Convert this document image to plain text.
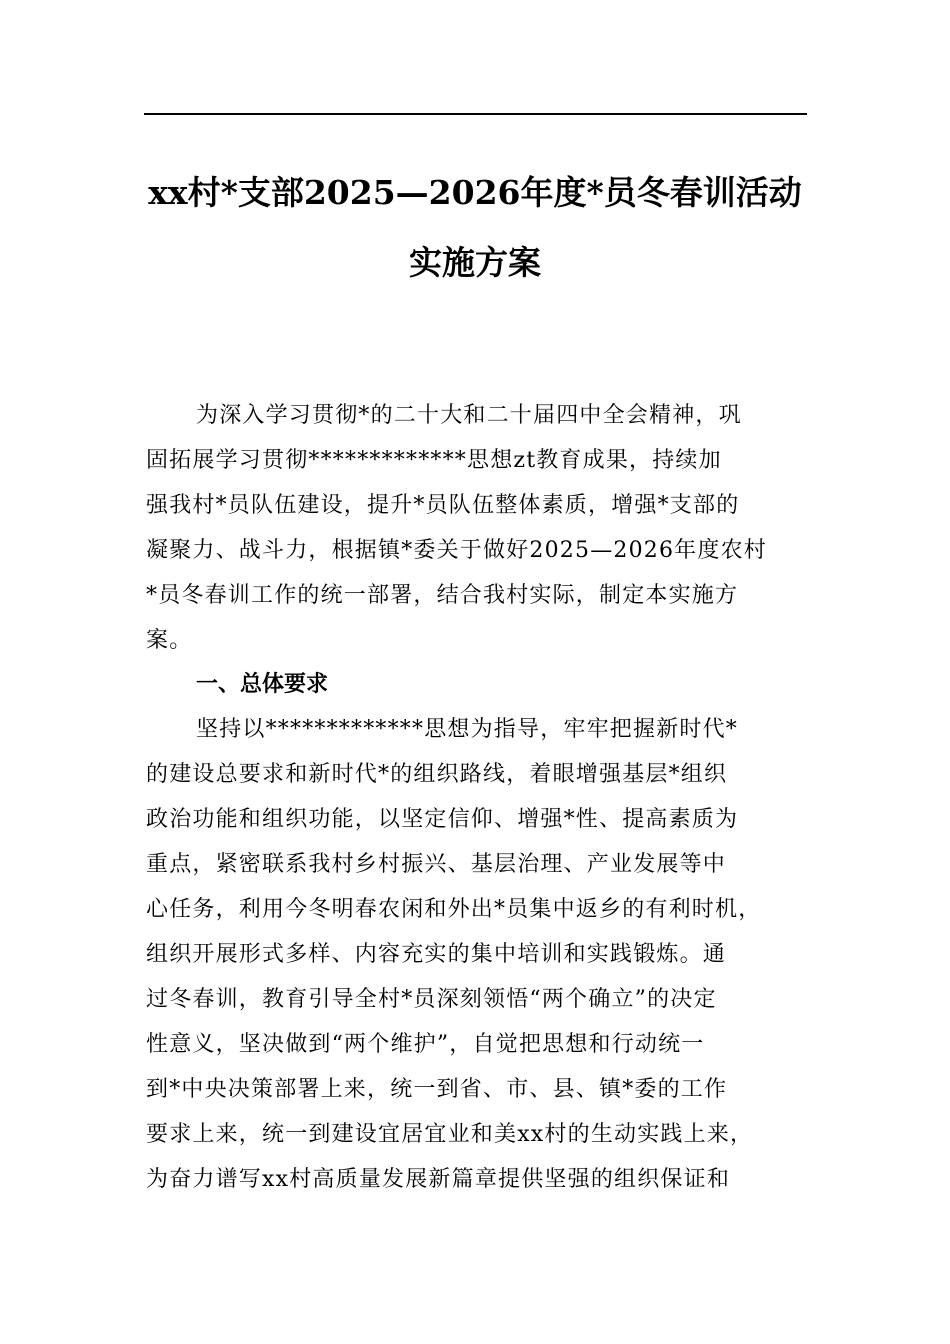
xx村*支部2025—2026年度*员冬春训活动
实施方案
为深入学习贯彻*的二十大和二十届四中全会精神，巩
固拓展学习贯彻*************思想zt教育成果，持续加
强我村*员队伍建设，提升*员队伍整体素质，增强*支部的
凝聚力、战斗力，根据镇*委关于做好2025—2026年度农村
*员冬春训工作的统一部署，结合我村实际，制定本实施方
案。
一、总体要求
坚持以*************思想为指导，牢牢把握新时代*
的建设总要求和新时代*的组织路线，着眼增强基层*组织
政治功能和组织功能，以坚定信仰、增强*性、提高素质为
重点，紧密联系我村乡村振兴、基层治理、产业发展等中
心任务，利用今冬明春农闲和外出*员集中返乡的有利时机，
组织开展形式多样、内容充实的集中培训和实践锻炼。通
过冬春训，教育引导全村*员深刻领悟“两个确立”的决定
性意义，坚决做到“两个维护”，自觉把思想和行动统一
到*中央决策部署上来，统一到省、市、县、镇*委的工作
要求上来，统一到建设宜居宜业和美xx村的生动实践上来，
为奋力谱写xx村高质量发展新篇章提供坚强的组织保证和
